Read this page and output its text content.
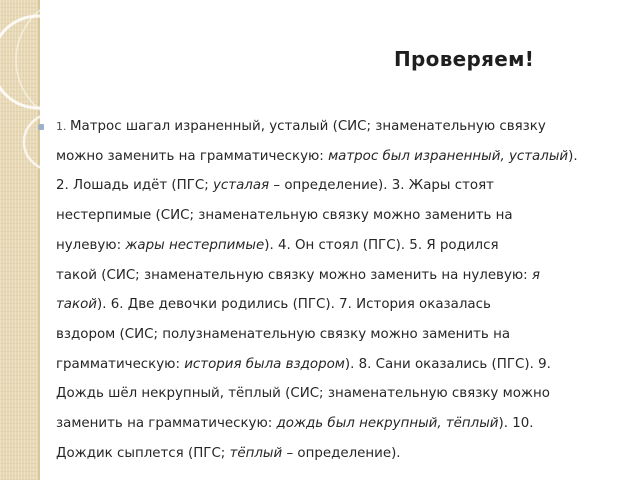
Проверяем!
1. Матрос шагал израненный, усталый (СИС; знаменательную связку
можно заменить на грамматическую: матрос был израненный, усталый).
2. Лошадь идёт (ПГС; усталая – определение). 3. Жары стоят
нестерпимые (СИС; знаменательную связку можно заменить на
нулевую: жары нестерпимые). 4. Он стоял (ПГС). 5. Я родился
такой (СИС; знаменательную связку можно заменить на нулевую: я
такой). 6. Две девочки родились (ПГС). 7. История оказалась
вздором (СИС; полузнаменательную связку можно заменить на
грамматическую: история была вздором). 8. Сани оказались (ПГС). 9.
Дождь шёл некрупный, тёплый (СИС; знаменательную связку можно
заменить на грамматическую: дождь был некрупный, тёплый). 10.
Дождик сыплется (ПГС; тёплый – определение).
